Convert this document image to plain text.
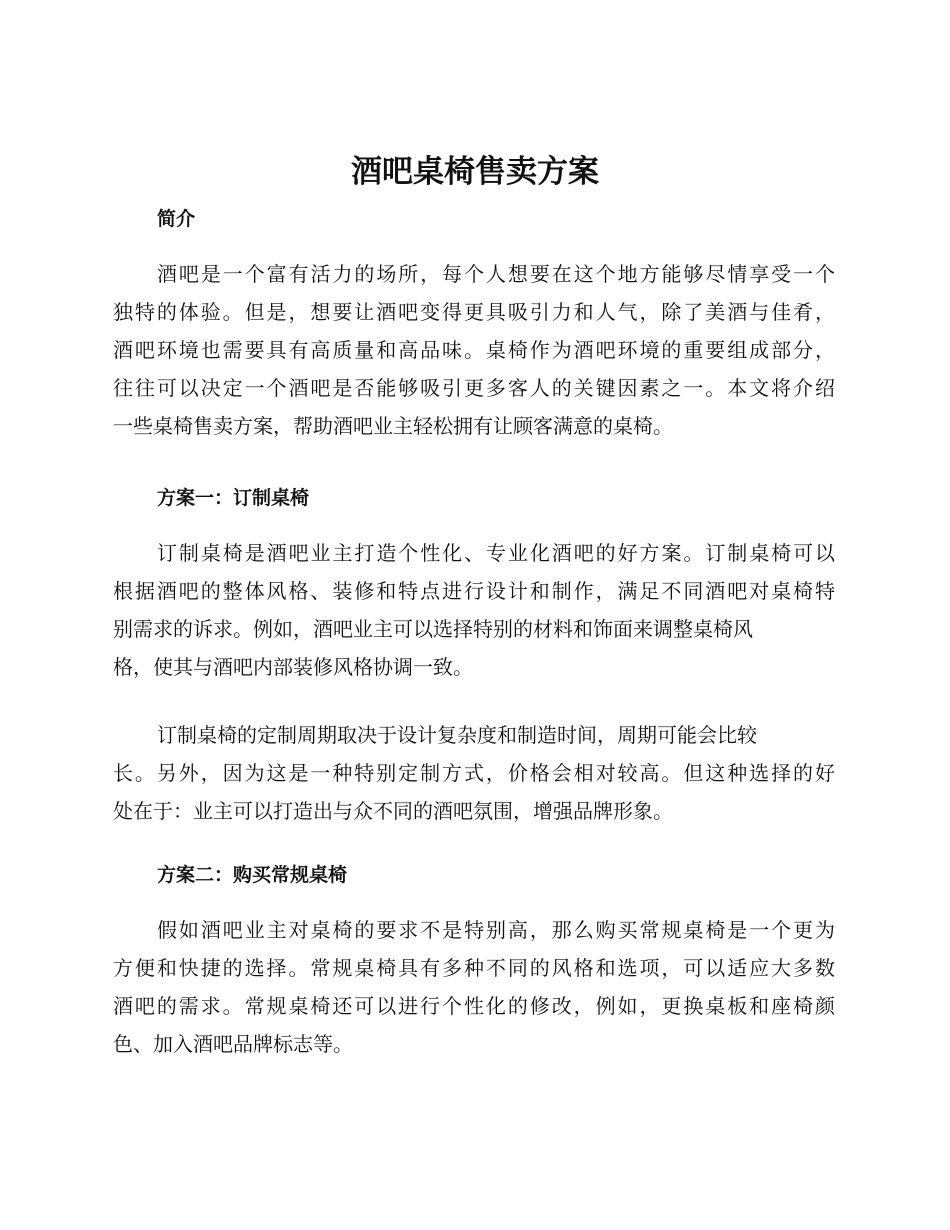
酒吧桌椅售卖方案
简介

酒吧是一个富有活力的场所，每个人想要在这个地方能够尽情享受一个
独特的体验。但是，想要让酒吧变得更具吸引力和人气，除了美酒与佳肴，
酒吧环境也需要具有高质量和高品味。桌椅作为酒吧环境的重要组成部分，
往往可以决定一个酒吧是否能够吸引更多客人的关键因素之一。本文将介绍
一些桌椅售卖方案，帮助酒吧业主轻松拥有让顾客满意的桌椅。

方案一：订制桌椅

订制桌椅是酒吧业主打造个性化、专业化酒吧的好方案。订制桌椅可以
根据酒吧的整体风格、装修和特点进行设计和制作，满足不同酒吧对桌椅特
别需求的诉求。例如，酒吧业主可以选择特别的材料和饰面来调整桌椅风
格，使其与酒吧内部装修风格协调一致。

订制桌椅的定制周期取决于设计复杂度和制造时间，周期可能会比较
长。另外，因为这是一种特别定制方式，价格会相对较高。但这种选择的好
处在于：业主可以打造出与众不同的酒吧氛围，增强品牌形象。

方案二：购买常规桌椅

假如酒吧业主对桌椅的要求不是特别高，那么购买常规桌椅是一个更为
方便和快捷的选择。常规桌椅具有多种不同的风格和选项，可以适应大多数
酒吧的需求。常规桌椅还可以进行个性化的修改，例如，更换桌板和座椅颜
色、加入酒吧品牌标志等。
